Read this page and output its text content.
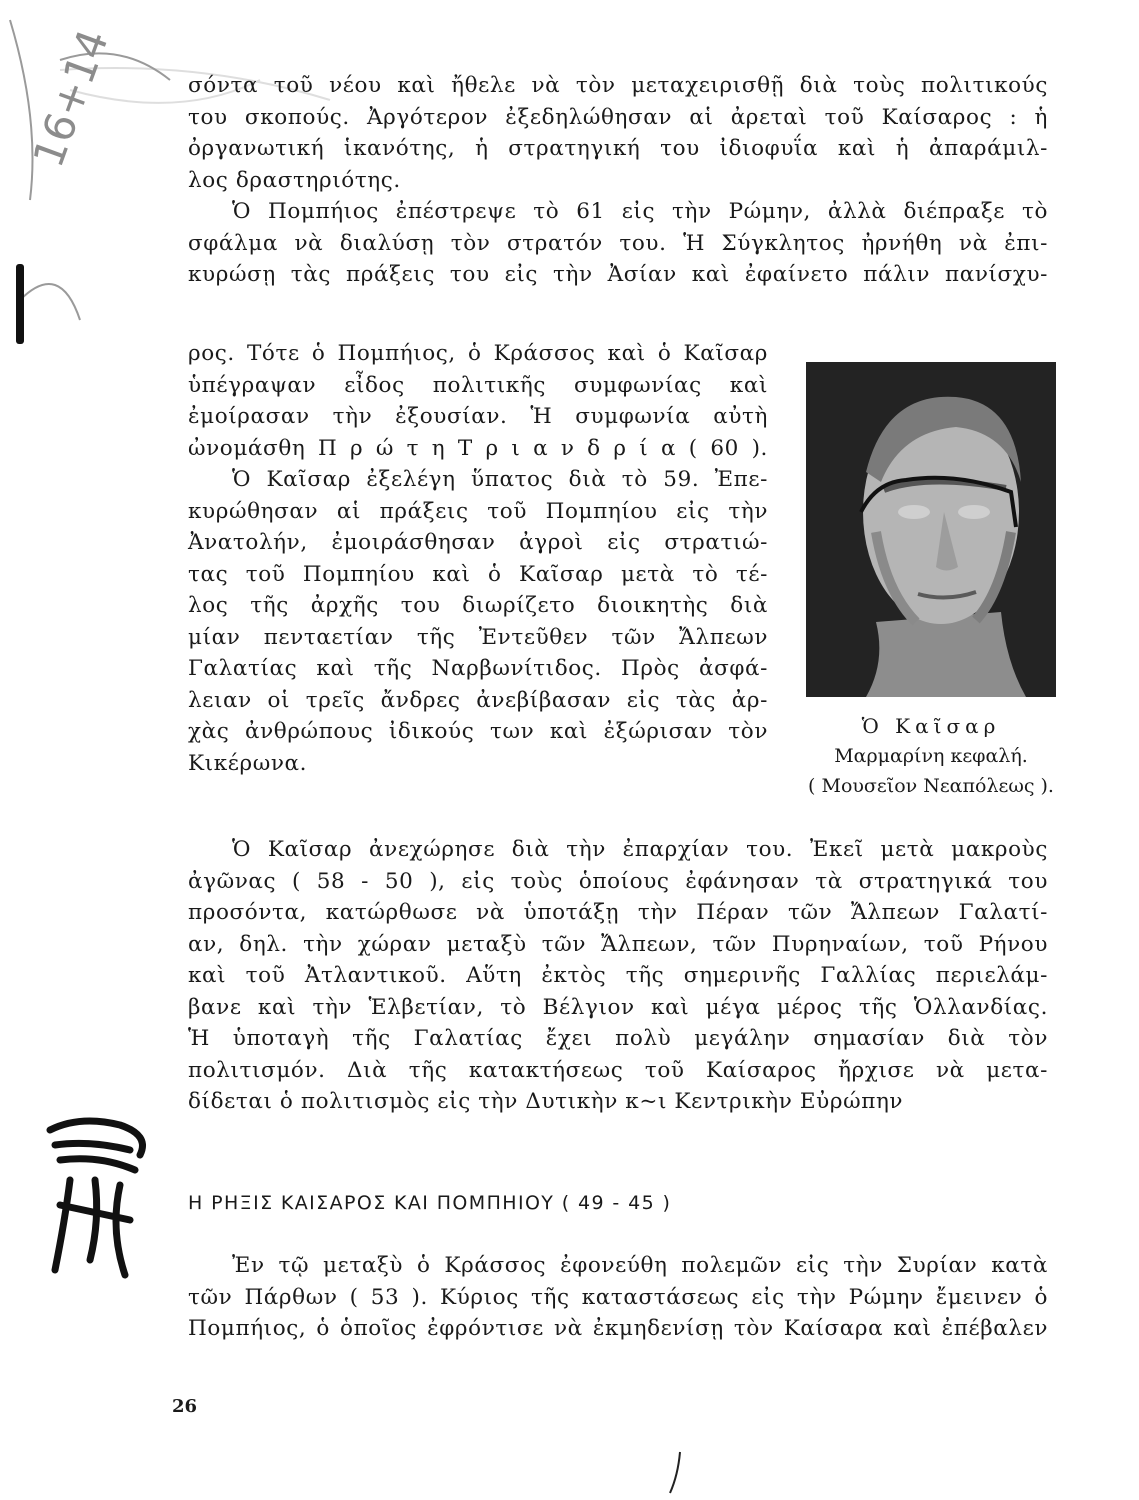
16+14	σόντα τοῦ νέου καὶ ἤθελε νὰ τὸν μεταχειρισθῇ διὰ τοὺς πολιτικούς
του σκοπούς. Ἀργότερον ἐξεδηλώθησαν αἱ ἀρεταὶ τοῦ Καίσαρος : ἡ
ὀργανωτική ἱκανότης, ἡ στρατηγική του ἰδιοφυΐα καὶ ἡ ἀπαράμιλ-
λος δραστηριότης.
Ὁ Πομπήιος ἐπέστρεψε τὸ 61 εἰς τὴν Ρώμην, ἀλλὰ διέπραξε τὸ
σφάλμα νὰ διαλύσῃ τὸν στρατόν του. Ἡ Σύγκλητος ἠρνήθη νὰ ἐπι-
κυρώσῃ τὰς πράξεις του εἰς τὴν Ἀσίαν καὶ ἐφαίνετο πάλιν πανίσχυ-
ρος. Τότε ὁ Πομπήιος, ὁ Κράσσος καὶ ὁ Καῖσαρ
ὑπέγραψαν εἶδος πολιτικῆς συμφωνίας καὶ
ἐμοίρασαν τὴν ἐξουσίαν. Ἡ συμφωνία αὐτὴ
ὠνομάσθη Π ρ ώ τ η Τ ρ ι α ν δ ρ ί α ( 60 ).
Ὁ Καῖσαρ ἐξελέγη ὕπατος διὰ τὸ 59. Ἐπε-
κυρώθησαν αἱ πράξεις τοῦ Πομπηίου εἰς τὴν
Ἀνατολήν, ἐμοιράσθησαν ἀγροὶ εἰς στρατιώ-
τας τοῦ Πομπηίου καὶ ὁ Καῖσαρ μετὰ τὸ τέ-
λος τῆς ἀρχῆς του διωρίζετο διοικητὴς διὰ
μίαν πενταετίαν τῆς Ἐντεῦθεν τῶν Ἄλπεων
Γαλατίας καὶ τῆς Ναρβωνίτιδος. Πρὸς ἀσφά-
λειαν οἱ τρεῖς ἄνδρες ἀνεβίβασαν εἰς τὰς ἀρ-
χὰς ἀνθρώπους ἰδικούς των καὶ ἐξώρισαν τὸν
Κικέρωνα.
Ὁ Καῖσαρ
Μαρμαρίνη κεφαλή.
( Μουσεῖον Νεαπόλεως ).
Ὁ Καῖσαρ ἀνεχώρησε διὰ τὴν ἐπαρχίαν του. Ἐκεῖ μετὰ μακροὺς
ἀγῶνας ( 58 - 50 ), εἰς τοὺς ὁποίους ἐφάνησαν τὰ στρατηγικά του
προσόντα, κατώρθωσε νὰ ὑποτάξῃ τὴν Πέραν τῶν Ἄλπεων Γαλατί-
αν, δηλ. τὴν χώραν μεταξὺ τῶν Ἄλπεων, τῶν Πυρηναίων, τοῦ Ρήνου
καὶ τοῦ Ἀτλαντικοῦ. Αὕτη ἐκτὸς τῆς σημερινῆς Γαλλίας περιελάμ-
βανε καὶ τὴν Ἑλβετίαν, τὸ Βέλγιον καὶ μέγα μέρος τῆς Ὁλλανδίας.
Ἡ ὑποταγὴ τῆς Γαλατίας ἔχει πολὺ μεγάλην σημασίαν διὰ τὸν
πολιτισμόν. Διὰ τῆς κατακτήσεως τοῦ Καίσαρος ἤρχισε νὰ μετα-
δίδεται ὁ πολιτισμὸς εἰς τὴν Δυτικὴν κ~ι Κεντρικὴν Εὐρώπην
Η ΡΗΞΙΣ ΚΑΙΣΑΡΟΣ ΚΑΙ ΠΟΜΠΗΙΟΥ ( 49 - 45 )
Ἐν τῷ μεταξὺ ὁ Κράσσος ἐφονεύθη πολεμῶν εἰς τὴν Συρίαν κατὰ
τῶν Πάρθων ( 53 ). Κύριος τῆς καταστάσεως εἰς τὴν Ρώμην ἔμεινεν ὁ
Πομπήιος, ὁ ὁποῖος ἐφρόντισε νὰ ἐκμηδενίσῃ τὸν Καίσαρα καὶ ἐπέβαλεν
26
